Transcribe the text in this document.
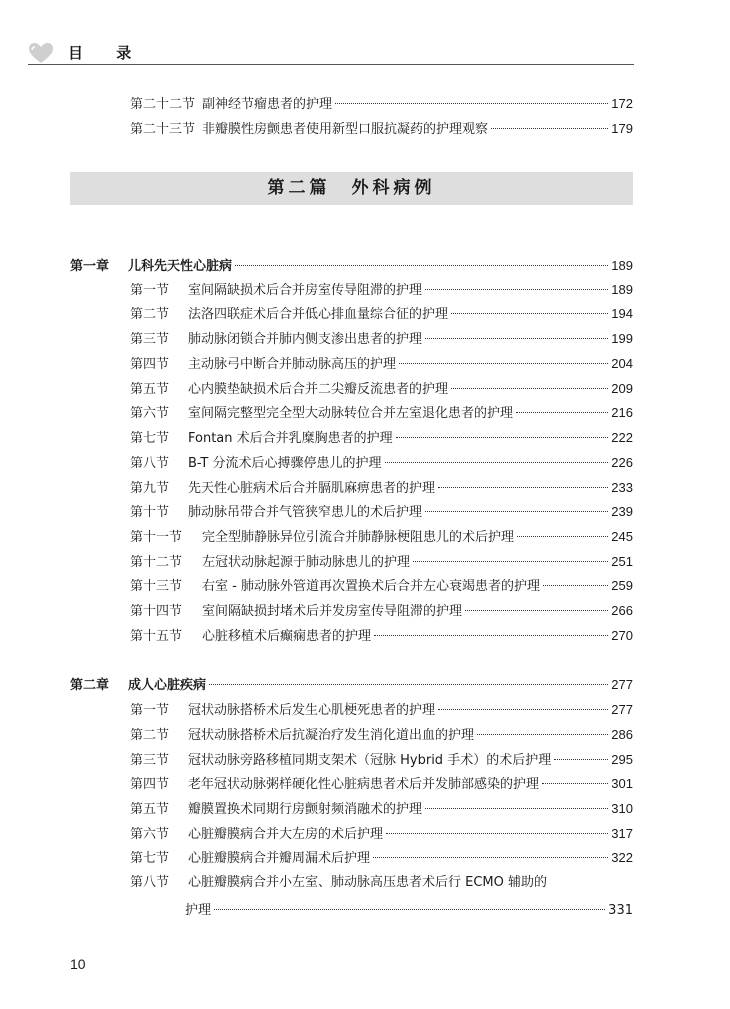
目 录
第二十二节 副神经节瘤患者的护理	172
第二十三节 非瓣膜性房颤患者使用新型口服抗凝药的护理观察	179
第二篇　外科病例
第一章	儿科先天性心脏病	189
第一节	室间隔缺损术后合并房室传导阻滞的护理	189
第二节	法洛四联症术后合并低心排血量综合征的护理	194
第三节	肺动脉闭锁合并肺内侧支渗出患者的护理	199
第四节	主动脉弓中断合并肺动脉高压的护理	204
第五节	心内膜垫缺损术后合并二尖瓣反流患者的护理	209
第六节	室间隔完整型完全型大动脉转位合并左室退化患者的护理	216
第七节	Fontan 术后合并乳糜胸患者的护理	222
第八节	B-T 分流术后心搏骤停患儿的护理	226
第九节	先天性心脏病术后合并膈肌麻痹患者的护理	233
第十节	肺动脉吊带合并气管狭窄患儿的术后护理	239
第十一节	完全型肺静脉异位引流合并肺静脉梗阻患儿的术后护理	245
第十二节	左冠状动脉起源于肺动脉患儿的护理	251
第十三节	右室 - 肺动脉外管道再次置换术后合并左心衰竭患者的护理	259
第十四节	室间隔缺损封堵术后并发房室传导阻滞的护理	266
第十五节	心脏移植术后癫痫患者的护理	270
第二章	成人心脏疾病	277
第一节	冠状动脉搭桥术后发生心肌梗死患者的护理	277
第二节	冠状动脉搭桥术后抗凝治疗发生消化道出血的护理	286
第三节	冠状动脉旁路移植同期支架术（冠脉 Hybrid 手术）的术后护理	295
第四节	老年冠状动脉粥样硬化性心脏病患者术后并发肺部感染的护理	301
第五节	瓣膜置换术同期行房颤射频消融术的护理	310
第六节	心脏瓣膜病合并大左房的术后护理	317
第七节	心脏瓣膜病合并瓣周漏术后护理	322
第八节	心脏瓣膜病合并小左室、肺动脉高压患者术后行 ECMO 辅助的
护理	331
10
